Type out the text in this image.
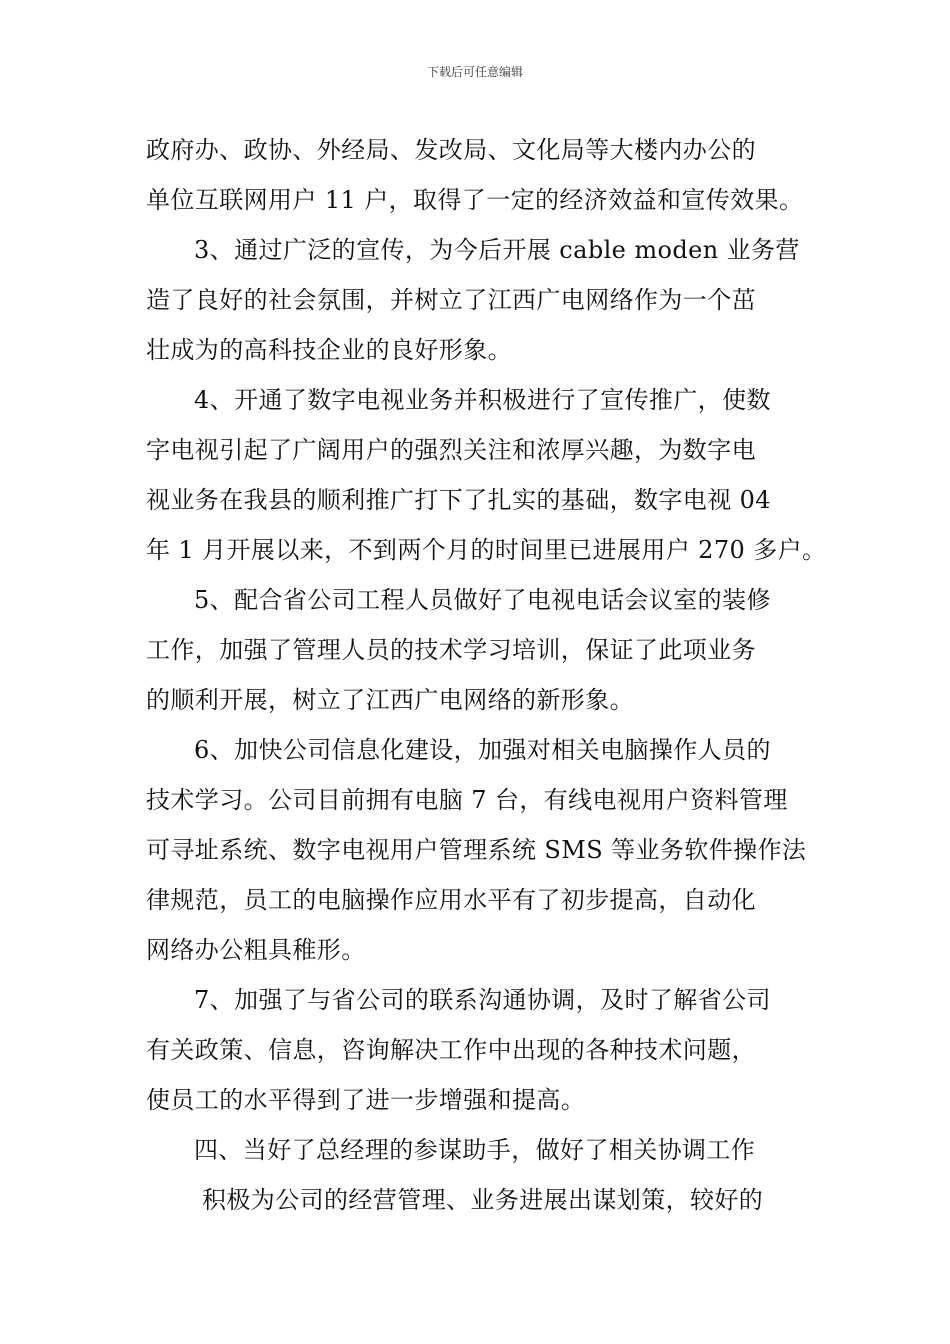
下载后可任意编辑
政府办、政协、外经局、发改局、文化局等大楼内办公的
单位互联网用户 11 户，取得了一定的经济效益和宣传效果。
3、通过广泛的宣传，为今后开展 cable moden 业务营
造了良好的社会氛围，并树立了江西广电网络作为一个茁
壮成为的高科技企业的良好形象。
4、开通了数字电视业务并积极进行了宣传推广，使数
字电视引起了广阔用户的强烈关注和浓厚兴趣，为数字电
视业务在我县的顺利推广打下了扎实的基础，数字电视 04
年 1 月开展以来，不到两个月的时间里已进展用户 270 多户。
5、配合省公司工程人员做好了电视电话会议室的装修
工作，加强了管理人员的技术学习培训，保证了此项业务
的顺利开展，树立了江西广电网络的新形象。
6、加快公司信息化建设，加强对相关电脑操作人员的
技术学习。公司目前拥有电脑 7 台，有线电视用户资料管理
可寻址系统、数字电视用户管理系统 SMS 等业务软件操作法
律规范，员工的电脑操作应用水平有了初步提高，自动化
网络办公粗具稚形。
7、加强了与省公司的联系沟通协调，及时了解省公司
有关政策、信息，咨询解决工作中出现的各种技术问题，
使员工的水平得到了进一步增强和提高。
四、当好了总经理的参谋助手，做好了相关协调工作
积极为公司的经营管理、业务进展出谋划策，较好的
